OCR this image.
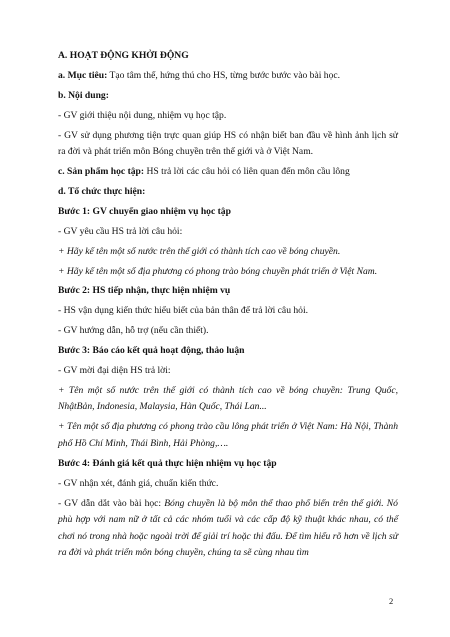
A. HOẠT ĐỘNG KHỞI ĐỘNG

a. Mục tiêu: Tạo tâm thế, hứng thú cho HS, từng bước bước vào bài học.

b. Nội dung:

- GV giới thiệu nội dung, nhiệm vụ học tập.

- GV sử dụng phương tiện trực quan giúp HS có nhận biết ban đầu về hình ảnh lịch sử ra đời và phát triển môn Bóng chuyền trên thế giới và ở Việt Nam.

c. Sản phẩm học tập: HS trả lời các câu hỏi có liên quan đến môn cầu lông

d. Tổ chức thực hiện:

Bước 1: GV chuyển giao nhiệm vụ học tập

- GV yêu cầu HS trả lời câu hỏi:

+ Hãy kể tên một số nước trên thế giới có thành tích cao về bóng chuyền.

+ Hãy kể tên một số địa phương có phong trào bóng chuyền phát triển ở Việt Nam.

Bước 2: HS tiếp nhận, thực hiện nhiệm vụ

- HS vận dụng kiến thức hiểu biết của bản thân để trả lời câu hỏi.

- GV hướng dẫn, hỗ trợ (nếu cần thiết).

Bước 3: Báo cáo kết quả hoạt động, thảo luận

- GV mời đại diện HS trả lời:

+ Tên một số nước trên thế giới có thành tích cao về bóng chuyền: Trung Quốc, NhậtBản, Indonesia, Malaysia, Hàn Quốc, Thái Lan...

+ Tên một số địa phương có phong trào cầu lông phát triển ở Việt Nam: Hà Nội, Thành phố Hồ Chí Minh, Thái Bình, Hải Phòng,….

Bước 4: Đánh giá kết quả thực hiện nhiệm vụ học tập

- GV nhận xét, đánh giá, chuẩn kiến thức.

- GV dẫn dắt vào bài học: Bóng chuyền là bộ môn thể thao phổ biến trên thế giới. Nó phù hợp với nam nữ ở tất cả các nhóm tuổi và các cấp độ kỹ thuật khác nhau, có thể chơi nó trong nhà hoặc ngoài trời để giải trí hoặc thi đấu. Để tìm hiểu rõ hơn về lịch sử ra đời và phát triển môn bóng chuyền, chúng ta sẽ cùng nhau tìm

2
